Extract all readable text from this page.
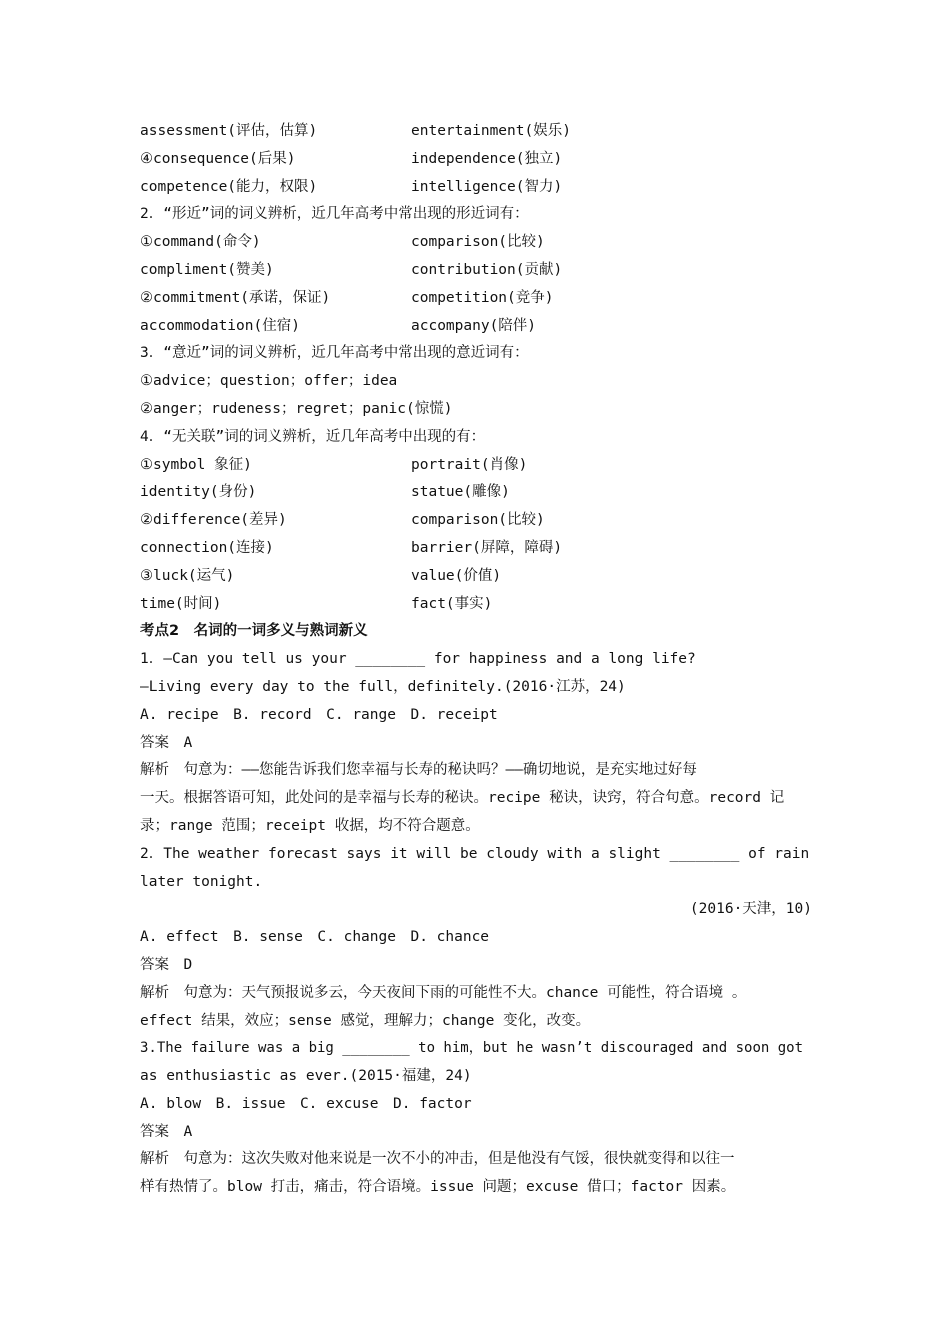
assessment(评估，估算)	entertainment(娱乐)
④consequence(后果)	independence(独立)
competence(能力，权限)	intelligence(智力)
2．“形近”词的词义辨析，近几年高考中常出现的形近词有：
①command(命令)	comparison(比较)
compliment(赞美)	contribution(贡献)
②commitment(承诺，保证)	competition(竞争)
accommodation(住宿)	accompany(陪伴)
3．“意近”词的词义辨析，近几年高考中常出现的意近词有：
①advice；question；offer；idea
②anger；rudeness；regret；panic(惊慌)
4．“无关联”词的词义辨析，近几年高考中出现的有：
①symbol 象征)	portrait(肖像)
identity(身份)	statue(雕像)
②difference(差异)	comparison(比较)
connection(连接)	barrier(屏障，障碍)
③luck(运气)	value(价值)
time(时间)	fact(事实)
考点2　名词的一词多义与熟词新义
1．—Can you tell us your ________ for happiness and a long life?
—Living every day to the full，definitely.(2016·江苏，24)
A. recipe　B. record　C. range　D. receipt
答案　A
解析　句意为：——您能告诉我们您幸福与长寿的秘诀吗？——确切地说，是充实地过好每
一天。根据答语可知，此处问的是幸福与长寿的秘诀。recipe 秘诀，诀窍，符合句意。record 记
录；range 范围；receipt 收据，均不符合题意。
2．The weather forecast says it will be cloudy with a slight ________ of rain
later tonight.
(2016·天津，10)
A. effect　B. sense　C. change　D. chance
答案　D
解析　句意为：天气预报说多云，今天夜间下雨的可能性不大。chance 可能性，符合语境 。
effect 结果，效应；sense 感觉，理解力；change 变化，改变。
3.The failure was a big ________ to him，but he wasn’t discouraged and soon got
as enthusiastic as ever.(2015·福建，24)
A. blow　B. issue　C. excuse　D. factor
答案　A
解析　句意为：这次失败对他来说是一次不小的冲击，但是他没有气馁，很快就变得和以往一
样有热情了。blow 打击，痛击，符合语境。issue 问题；excuse 借口；factor 因素。
